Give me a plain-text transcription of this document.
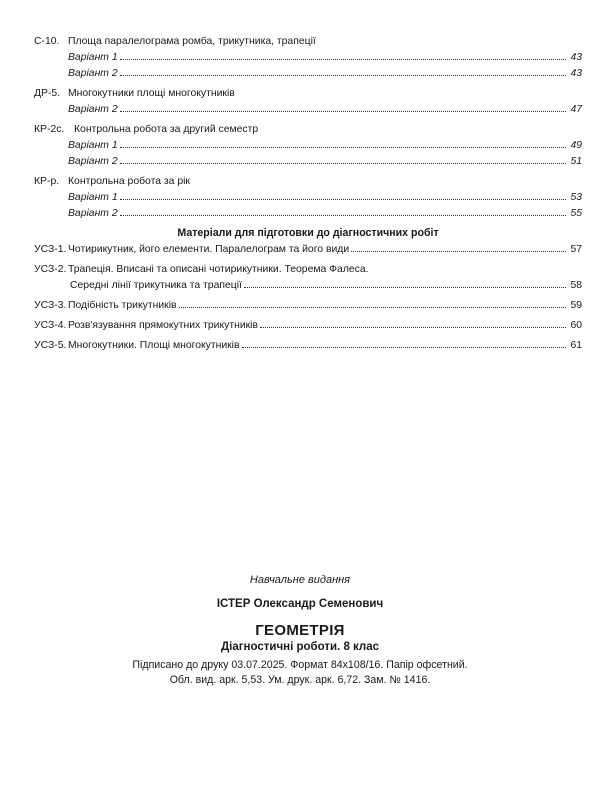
С-10. Площа паралелограма ромба, трикутника, трапеції
Варіант 1	43
Варіант 2	43
ДР-5. Многокутники площі многокутників
Варіант 2	47
КР-2с. Контрольна робота за другий семестр
Варіант 1	49
Варіант 2	51
КР-р. Контрольна робота за рік
Варіант 1	53
Варіант 2	55
Матеріали для підготовки до діагностичних робіт
УСЗ-1. Чотирикутник, його елементи. Паралелограм та його види	57
УСЗ-2. Трапеція. Вписані та описані чотирикутники. Теорема Фалеса.
Середні лінії трикутника та трапеції	58
УСЗ-3. Подібність трикутників	59
УСЗ-4. Розв'язування прямокутних трикутників	60
УСЗ-5. Многокутники. Площі многокутників	61
Навчальне видання
ІСТЕР Олександр Семенович
ГЕОМЕТРІЯ
Діагностичні роботи. 8 клас
Підписано до друку 03.07.2025. Формат 84х108/16. Папір офсетний.
Обл. вид. арк. 5,53. Ум. друк. арк. 6,72. Зам. № 1416.
